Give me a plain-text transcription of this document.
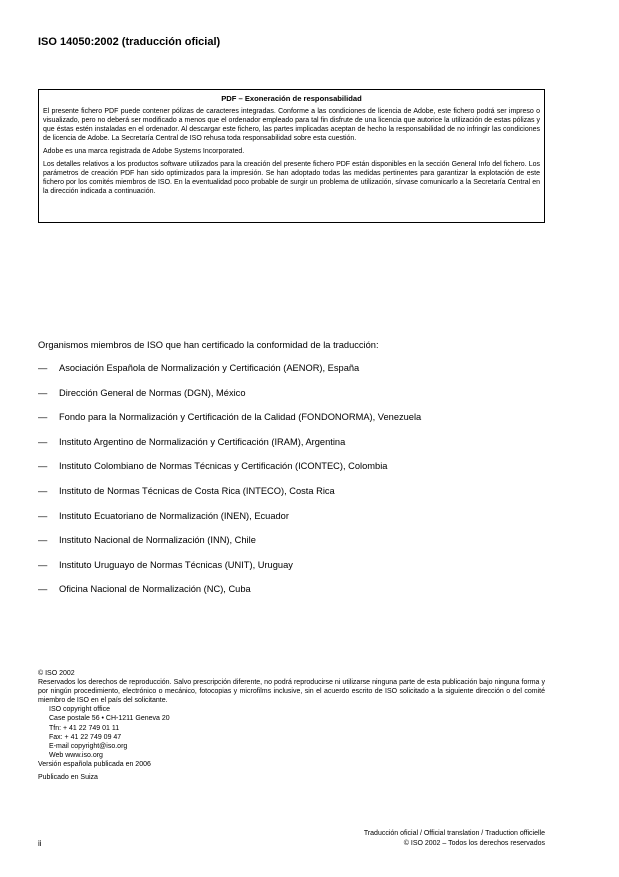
ISO 14050:2002 (traducción oficial)
PDF – Exoneración de responsabilidad

El presente fichero PDF puede contener pólizas de caracteres integradas. Conforme a las condiciones de licencia de Adobe, este fichero podrá ser impreso o visualizado, pero no deberá ser modificado a menos que el ordenador empleado para tal fin disfrute de una licencia que autorice la utilización de estas pólizas y que éstas estén instaladas en el ordenador. Al descargar este fichero, las partes implicadas aceptan de hecho la responsabilidad de no infringir las condiciones de licencia de Adobe. La Secretaría Central de ISO rehusa toda responsabilidad sobre esta cuestión.

Adobe es una marca registrada de Adobe Systems Incorporated.

Los detalles relativos a los productos software utilizados para la creación del presente fichero PDF están disponibles en la sección General Info del fichero. Los parámetros de creación PDF han sido optimizados para la impresión. Se han adoptado todas las medidas pertinentes para garantizar la explotación de este fichero por los comités miembros de ISO. En la eventualidad poco probable de surgir un problema de utilización, sírvase comunicarlo a la Secretaría Central en la dirección indicada a continuación.

Organismos miembros de ISO que han certificado la conformidad de la traducción:
— Asociación Española de Normalización y Certificación (AENOR), España
— Dirección General de Normas (DGN), México
— Fondo para la Normalización y Certificación de la Calidad (FONDONORMA), Venezuela
— Instituto Argentino de Normalización y Certificación (IRAM), Argentina
— Instituto Colombiano de Normas Técnicas y Certificación (ICONTEC), Colombia
— Instituto de Normas Técnicas de Costa Rica (INTECO), Costa Rica
— Instituto Ecuatoriano de Normalización (INEN), Ecuador
— Instituto Nacional de Normalización (INN), Chile
— Instituto Uruguayo de Normas Técnicas (UNIT), Uruguay
— Oficina Nacional de Normalización (NC), Cuba

© ISO 2002

Reservados los derechos de reproducción. Salvo prescripción diferente, no podrá reproducirse ni utilizarse ninguna parte de esta publicación bajo ninguna forma y por ningún procedimiento, electrónico o mecánico, fotocopias y microfilms inclusive, sin el acuerdo escrito de ISO solicitado a la siguiente dirección o del comité miembro de ISO en el país del solicitante.

ISO copyright office

Case postale 56 • CH-1211 Geneva 20

Tfn: + 41 22 749 01 11

Fax: + 41 22 749 09 47

E-mail copyright@iso.org

Web www.iso.org

Versión española publicada en 2006

Publicado en Suiza

ii
Traducción oficial / Official translation / Traduction officielle
© ISO 2002 – Todos los derechos reservados
